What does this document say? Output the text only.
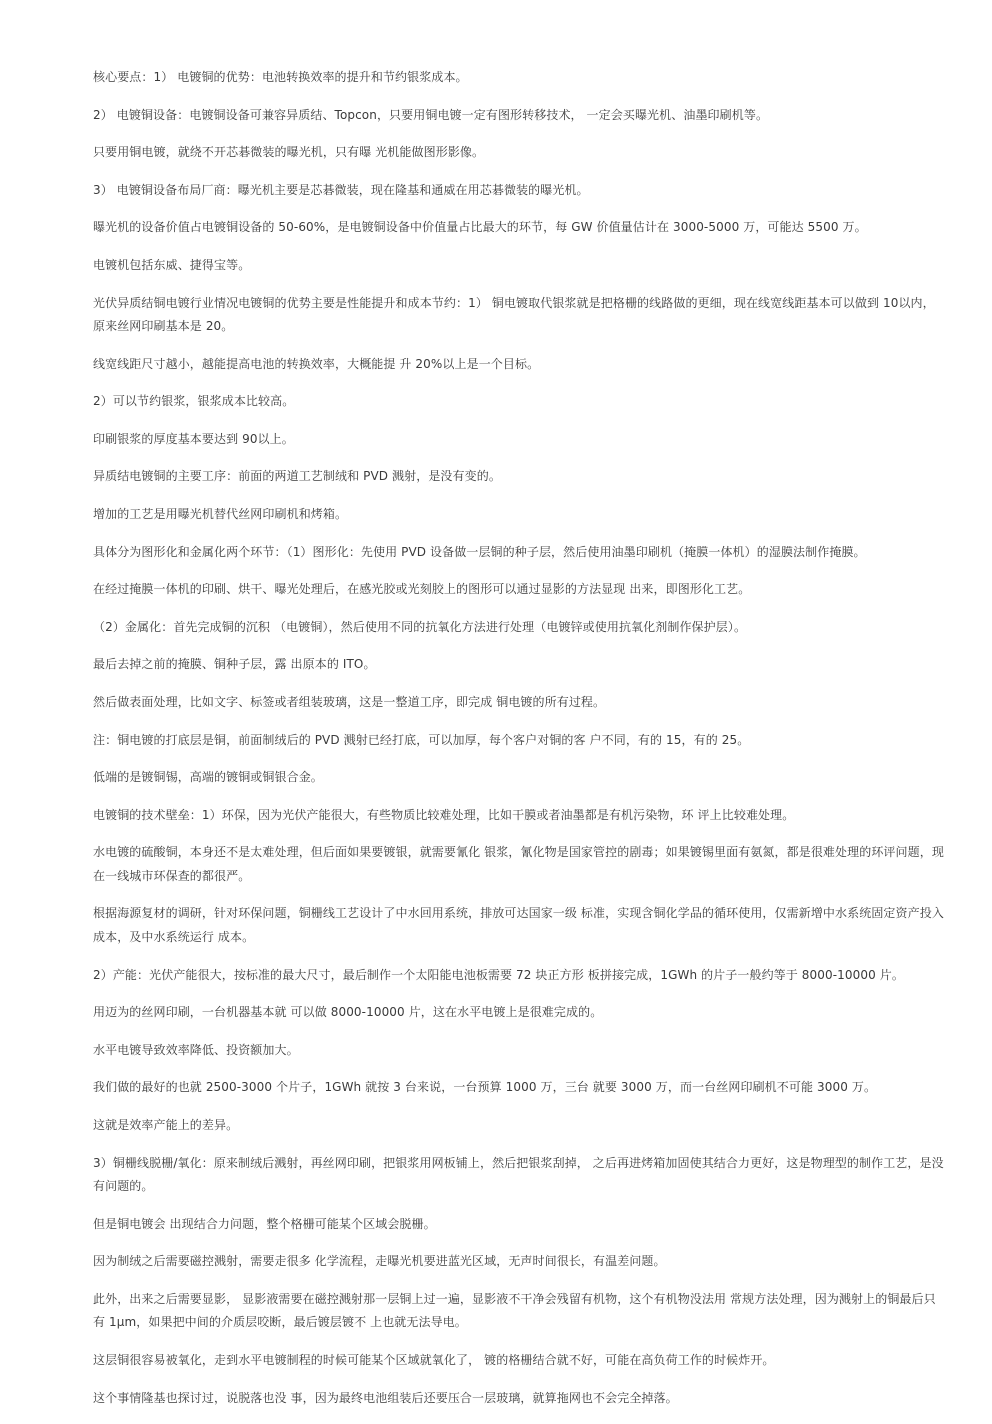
核心要点：1） 电镀铜的优势：电池转换效率的提升和节约银浆成本。

2） 电镀铜设备：电镀铜设备可兼容异质结、Topcon，只要用铜电镀一定有图形转移技术， 一定会买曝光机、油墨印刷机等。

只要用铜电镀，就绕不开芯碁微装的曝光机，只有曝 光机能做图形影像。

3） 电镀铜设备布局厂商：曝光机主要是芯碁微装，现在隆基和通威在用芯碁微装的曝光机。

曝光机的设备价值占电镀铜设备的 50-60%，是电镀铜设备中价值量占比最大的环节，每 GW 价值量估计在 3000-5000 万，可能达 5500 万。

电镀机包括东威、捷得宝等。

光伏异质结铜电镀行业情况电镀铜的优势主要是性能提升和成本节约：1） 铜电镀取代银浆就是把格栅的线路做的更细，现在线宽线距基本可以做到 10以内， 原来丝网印刷基本是 20。

线宽线距尺寸越小，越能提高电池的转换效率，大概能提 升 20%以上是一个目标。

2）可以节约银浆，银浆成本比较高。

印刷银浆的厚度基本要达到 90以上。

异质结电镀铜的主要工序：前面的两道工艺制绒和 PVD 溅射，是没有变的。

增加的工艺是用曝光机替代丝网印刷机和烤箱。

具体分为图形化和金属化两个环节：（1）图形化：先使用 PVD 设备做一层铜的种子层，然后使用油墨印刷机（掩膜一体机）的湿膜法制作掩膜。

在经过掩膜一体机的印刷、烘干、曝光处理后，在感光胶或光刻胶上的图形可以通过显影的方法显现 出来，即图形化工艺。

（2）金属化：首先完成铜的沉积 （电镀铜），然后使用不同的抗氧化方法进行处理（电镀锌或使用抗氧化剂制作保护层）。

最后去掉之前的掩膜、铜种子层，露 出原本的 ITO。

然后做表面处理，比如文字、标签或者组装玻璃，这是一整道工序，即完成 铜电镀的所有过程。

注：铜电镀的打底层是铜，前面制绒后的 PVD 溅射已经打底，可以加厚，每个客户对铜的客 户不同，有的 15，有的 25。

低端的是镀铜锡，高端的镀铜或铜银合金。

电镀铜的技术壁垒：1）环保，因为光伏产能很大，有些物质比较难处理，比如干膜或者油墨都是有机污染物，环 评上比较难处理。

水电镀的硫酸铜，本身还不是太难处理，但后面如果要镀银，就需要氰化 银浆，氰化物是国家管控的剧毒；如果镀锡里面有氨氮，都是很难处理的环评问题，现在一线城市环保查的都很严。

根据海源复材的调研，针对环保问题，铜栅线工艺设计了中水回用系统，排放可达国家一级 标准，实现含铜化学品的循环使用，仅需新增中水系统固定资产投入成本，及中水系统运行 成本。

2）产能：光伏产能很大，按标准的最大尺寸，最后制作一个太阳能电池板需要 72 块正方形 板拼接完成，1GWh 的片子一般约等于 8000-10000 片。

用迈为的丝网印刷，一台机器基本就 可以做 8000-10000 片，这在水平电镀上是很难完成的。

水平电镀导致效率降低、投资额加大。

我们做的最好的也就 2500-3000 个片子，1GWh 就按 3 台来说，一台预算 1000 万，三台 就要 3000 万，而一台丝网印刷机不可能 3000 万。

这就是效率产能上的差异。

3）铜栅线脱栅/氧化：原来制绒后溅射，再丝网印刷，把银浆用网板铺上，然后把银浆刮掉， 之后再进烤箱加固使其结合力更好，这是物理型的制作工艺，是没有问题的。

但是铜电镀会 出现结合力问题，整个格栅可能某个区域会脱栅。

因为制绒之后需要磁控溅射，需要走很多 化学流程，走曝光机要进蓝光区域，无声时间很长，有温差问题。

此外，出来之后需要显影， 显影液需要在磁控溅射那一层铜上过一遍，显影液不干净会残留有机物，这个有机物没法用 常规方法处理，因为溅射上的铜最后只有 1μm，如果把中间的介质层咬断，最后镀层镀不 上也就无法导电。

这层铜很容易被氧化，走到水平电镀制程的时候可能某个区域就氧化了， 镀的格栅结合就不好，可能在高负荷工作的时候炸开。

这个事情隆基也探讨过，说脱落也没 事，因为最终电池组装后还要压合一层玻璃，就算拖网也不会完全掉落。
